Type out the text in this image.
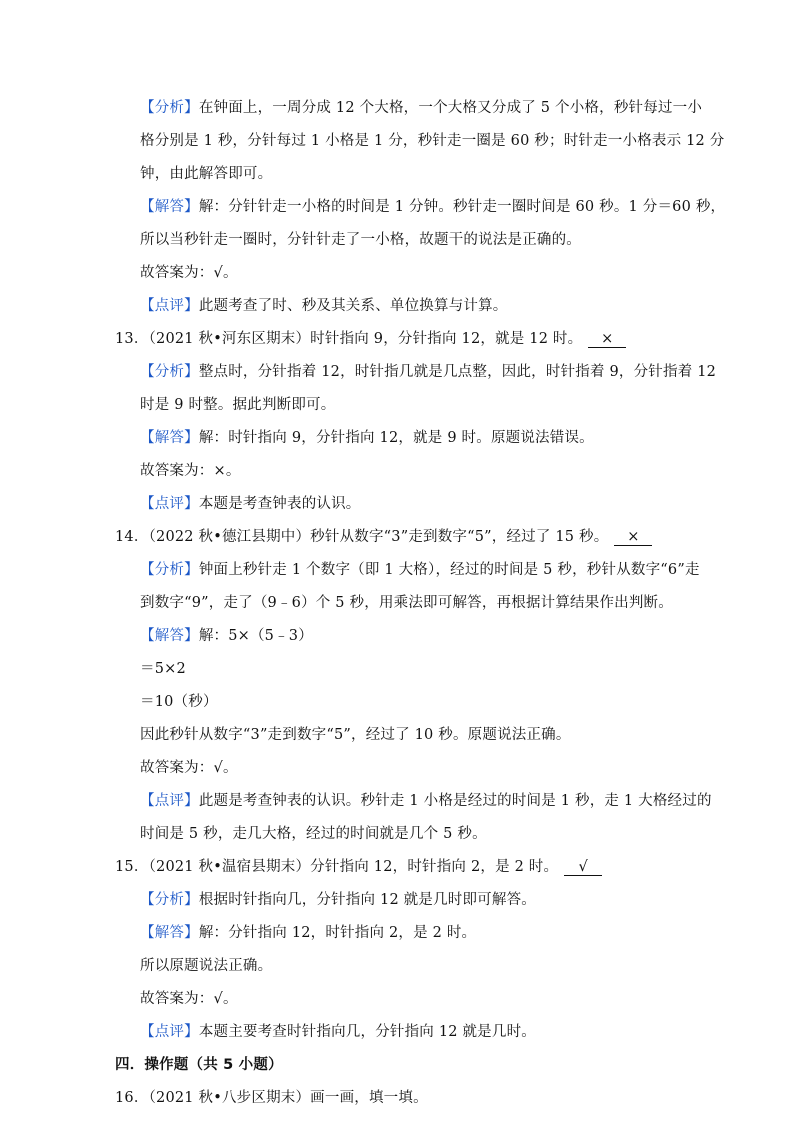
【分析】在钟面上，一周分成 12 个大格，一个大格又分成了 5 个小格，秒针每过一小
格分别是 1 秒，分针每过 1 小格是 1 分，秒针走一圈是 60 秒；时针走一小格表示 12 分
钟，由此解答即可。
【解答】解：分针针走一小格的时间是 1 分钟。秒针走一圈时间是 60 秒。1 分＝60 秒，
所以当秒针走一圈时，分针针走了一小格，故题干的说法是正确的。
故答案为：√。
【点评】此题考查了时、秒及其关系、单位换算与计算。
13．（2021 秋•河东区期末）时针指向 9，分针指向 12，就是 12 时。 ×
【分析】整点时，分针指着 12，时针指几就是几点整，因此，时针指着 9，分针指着 12
时是 9 时整。据此判断即可。
【解答】解：时针指向 9，分针指向 12，就是 9 时。原题说法错误。
故答案为：×。
【点评】本题是考查钟表的认识。
14．（2022 秋•德江县期中）秒针从数字“3”走到数字“5”，经过了 15 秒。 ×
【分析】钟面上秒针走 1 个数字（即 1 大格），经过的时间是 5 秒，秒针从数字“6”走
到数字“9”，走了（9﹣6）个 5 秒，用乘法即可解答，再根据计算结果作出判断。
【解答】解：5×（5﹣3）
＝5×2
＝10（秒）
因此秒针从数字“3”走到数字“5”，经过了 10 秒。原题说法正确。
故答案为：√。
【点评】此题是考查钟表的认识。秒针走 1 小格是经过的时间是 1 秒，走 1 大格经过的
时间是 5 秒，走几大格，经过的时间就是几个 5 秒。
15．（2021 秋•温宿县期末）分针指向 12，时针指向 2，是 2 时。 √
【分析】根据时针指向几，分针指向 12 就是几时即可解答。
【解答】解：分针指向 12，时针指向 2，是 2 时。
所以原题说法正确。
故答案为：√。
【点评】本题主要考查时针指向几，分针指向 12 就是几时。
四．操作题（共 5 小题）
16．（2021 秋•八步区期末）画一画，填一填。
